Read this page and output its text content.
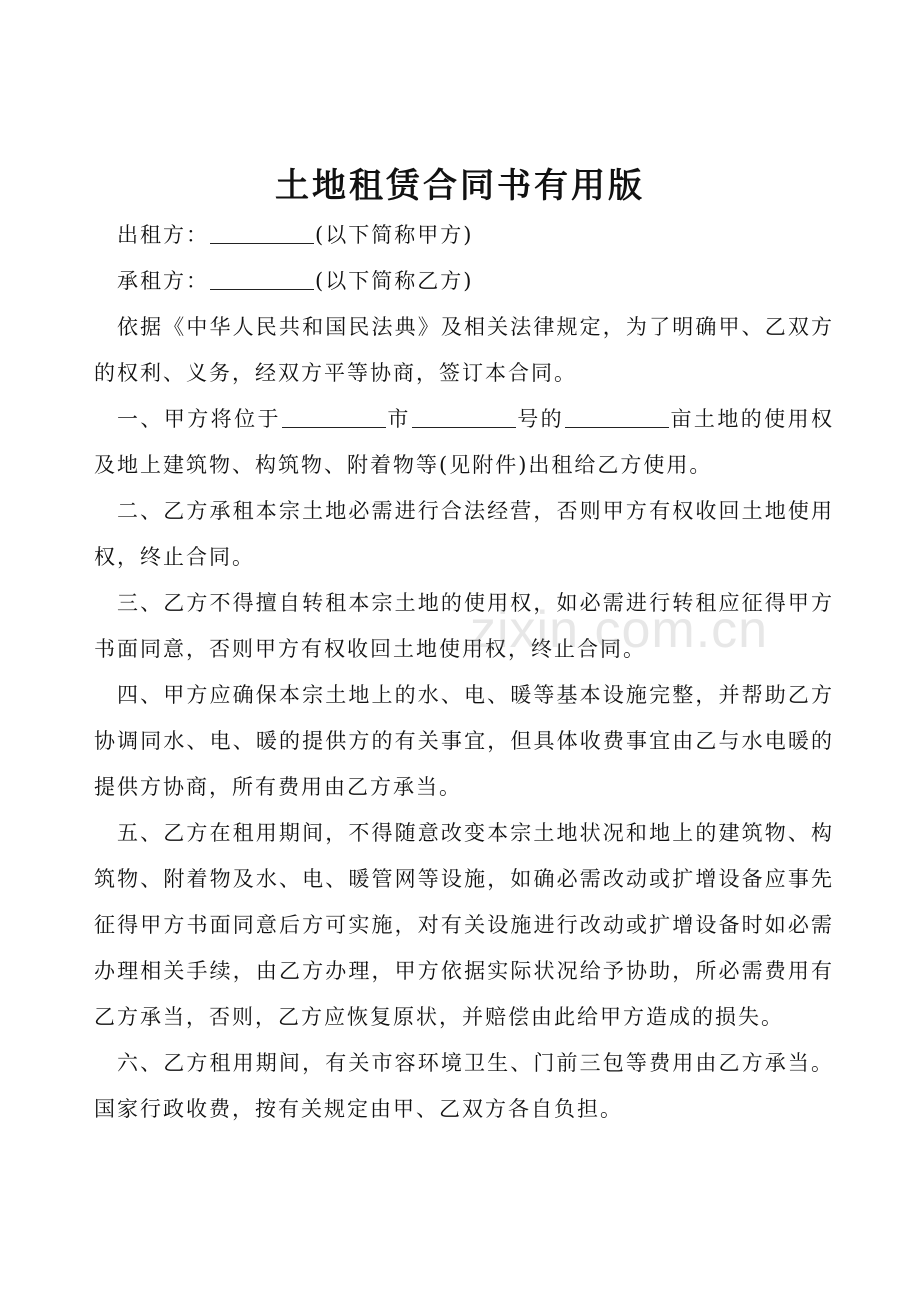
土地租赁合同书有用版

出租方：	(以下简称甲方)

承租方：	(以下简称乙方)

依据《中华人民共和国民法典》及相关法律规定，为了明确甲、乙双方的权利、义务，经双方平等协商，签订本合同。

一、甲方将位于	市	号的	亩土地的使用权及地上建筑物、构筑物、附着物等(见附件)出租给乙方使用。

二、乙方承租本宗土地必需进行合法经营，否则甲方有权收回土地使用权，终止合同。

三、乙方不得擅自转租本宗土地的使用权，如必需进行转租应征得甲方书面同意，否则甲方有权收回土地使用权，终止合同。

四、甲方应确保本宗土地上的水、电、暖等基本设施完整，并帮助乙方协调同水、电、暖的提供方的有关事宜，但具体收费事宜由乙与水电暖的提供方协商，所有费用由乙方承当。

五、乙方在租用期间，不得随意改变本宗土地状况和地上的建筑物、构筑物、附着物及水、电、暖管网等设施，如确必需改动或扩增设备应事先征得甲方书面同意后方可实施，对有关设施进行改动或扩增设备时如必需办理相关手续，由乙方办理，甲方依据实际状况给予协助，所必需费用有乙方承当，否则，乙方应恢复原状，并赔偿由此给甲方造成的损失。

六、乙方租用期间，有关市容环境卫生、门前三包等费用由乙方承当。国家行政收费，按有关规定由甲、乙双方各自负担。

zixin.com.cn
